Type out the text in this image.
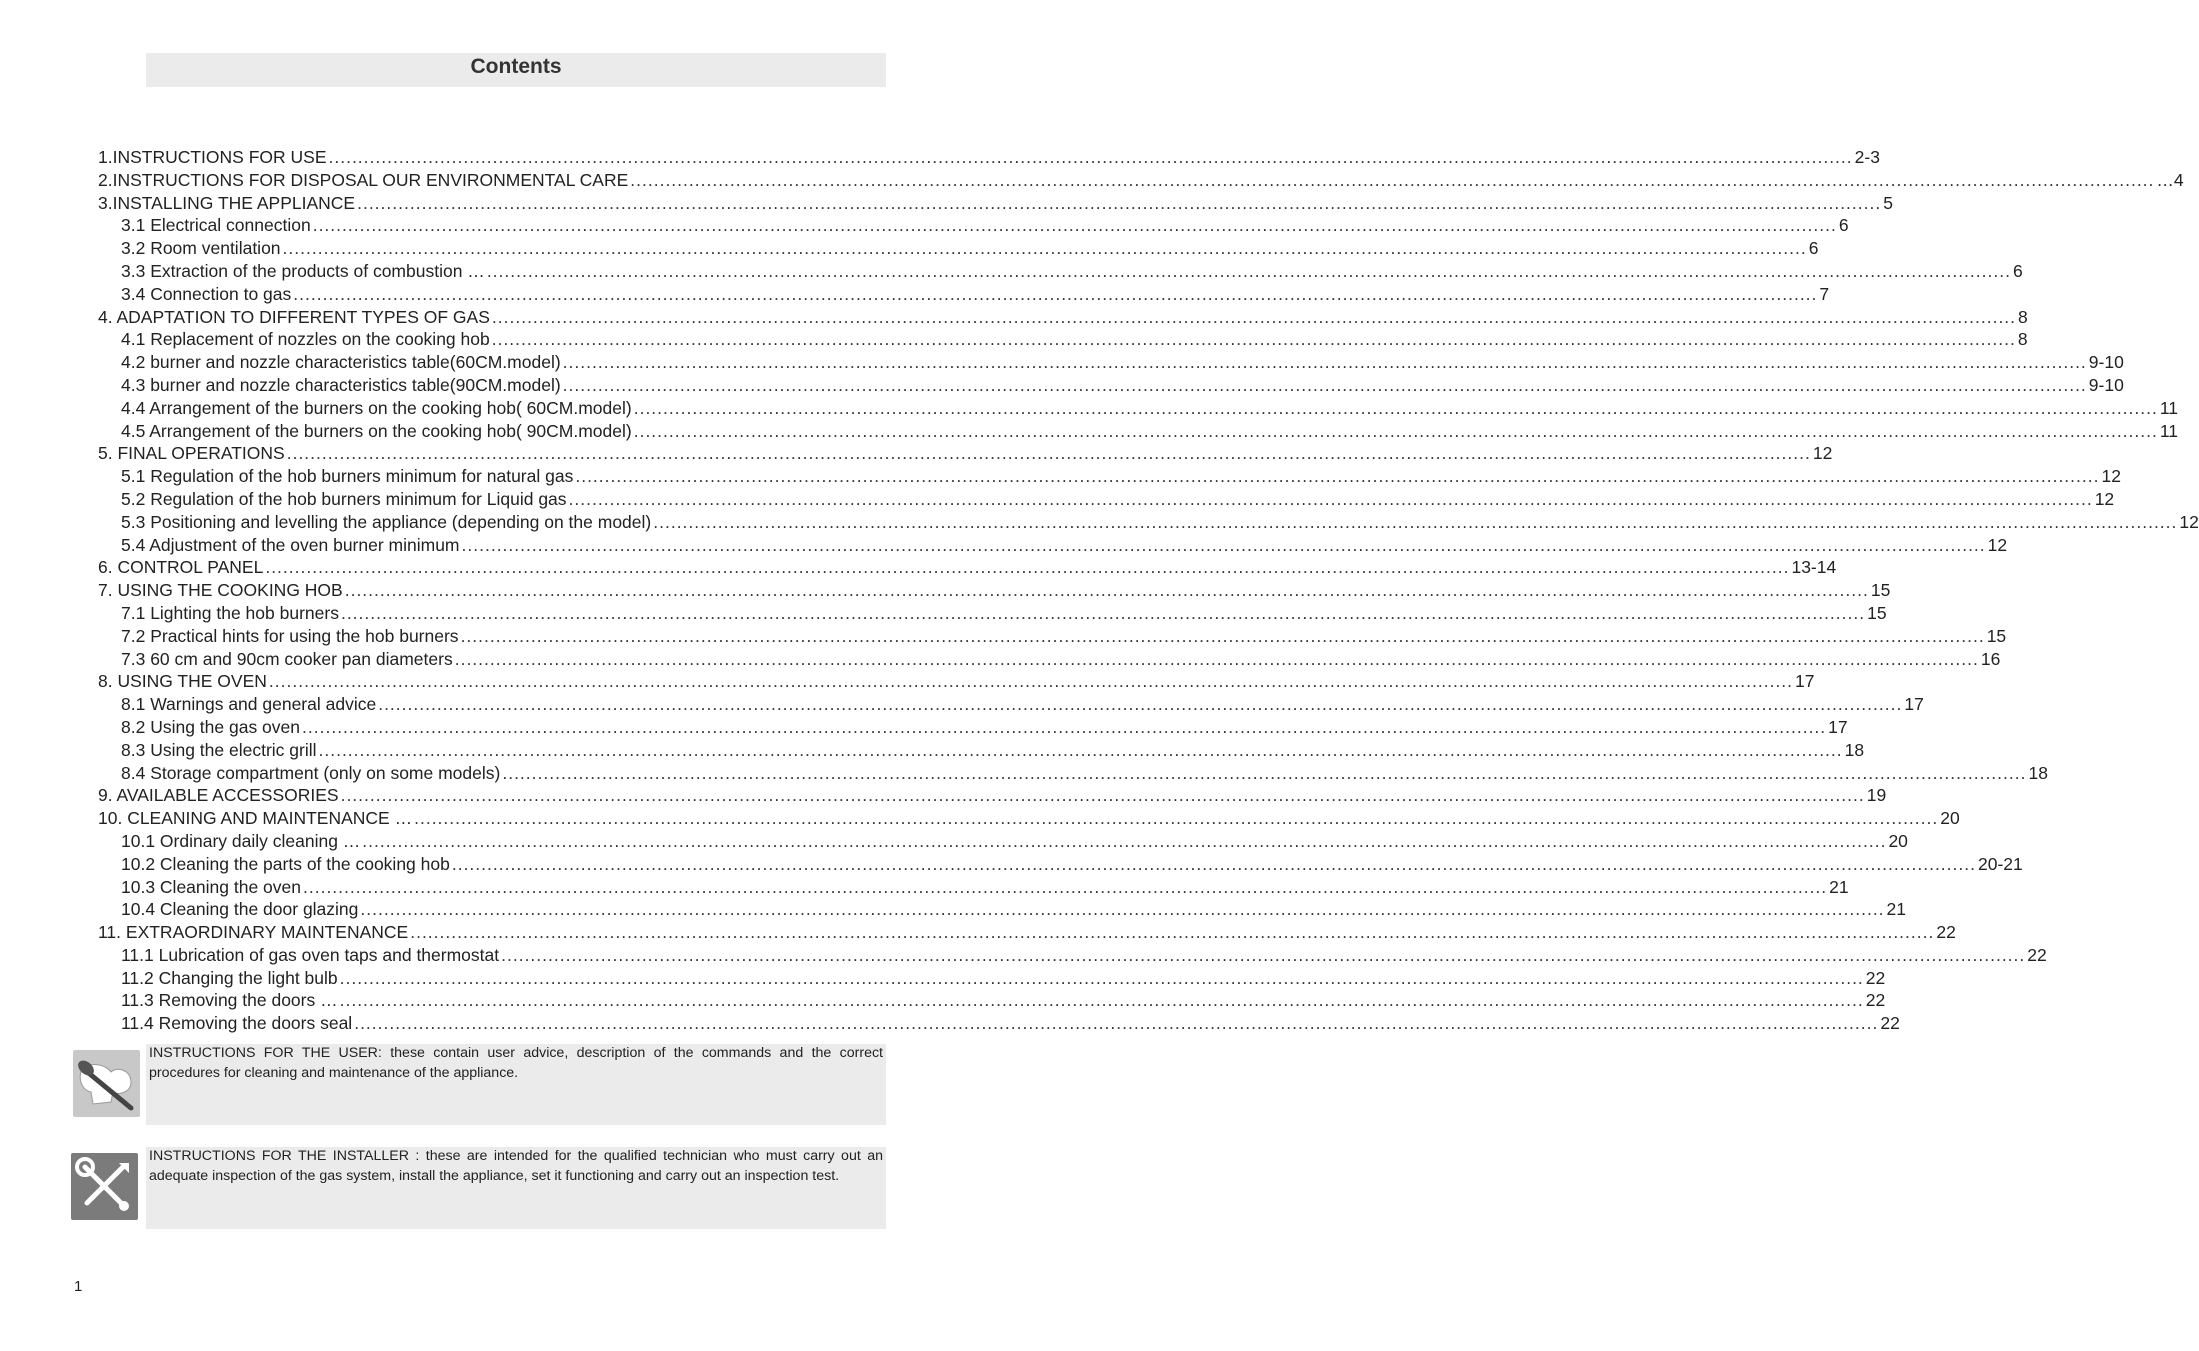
Contents
1.INSTRUCTIONS FOR USE .................................................................................................................................................................................................................................................................... 2-3
2.INSTRUCTIONS FOR DISPOSAL OUR ENVIRONMENTAL CARE .................................................................................................................................................................................................................................................................... …4
3.INSTALLING THE APPLIANCE .................................................................................................................................................................................................................................................................... 5
3.1 Electrical connection .................................................................................................................................................................................................................................................................... 6
3.2 Room ventilation .................................................................................................................................................................................................................................................................... 6
3.3 Extraction of the products of combustion … .................................................................................................................................................................................................................................................................... 6
3.4 Connection to gas .................................................................................................................................................................................................................................................................... 7
4. ADAPTATION TO DIFFERENT TYPES OF GAS .................................................................................................................................................................................................................................................................... 8
4.1 Replacement of nozzles on the cooking hob .................................................................................................................................................................................................................................................................... 8
4.2 burner and nozzle characteristics table(60CM.model) .................................................................................................................................................................................................................................................................... 9-10
4.3 burner and nozzle characteristics table(90CM.model) .................................................................................................................................................................................................................................................................... 9-10
4.4 Arrangement of the burners on the cooking hob( 60CM.model) .................................................................................................................................................................................................................................................................... 11
4.5 Arrangement of the burners on the cooking hob( 90CM.model) .................................................................................................................................................................................................................................................................... 11
5. FINAL OPERATIONS .................................................................................................................................................................................................................................................................... 12
5.1 Regulation of the hob burners minimum for natural gas .................................................................................................................................................................................................................................................................... 12
5.2 Regulation of the hob burners minimum for Liquid gas .................................................................................................................................................................................................................................................................... 12
5.3 Positioning and levelling the appliance (depending on the model) .................................................................................................................................................................................................................................................................... 12
5.4 Adjustment of the oven burner minimum .................................................................................................................................................................................................................................................................... 12
6. CONTROL PANEL .................................................................................................................................................................................................................................................................... 13-14
7. USING THE COOKING HOB .................................................................................................................................................................................................................................................................... 15
7.1 Lighting the hob burners .................................................................................................................................................................................................................................................................... 15
7.2 Practical hints for using the hob burners .................................................................................................................................................................................................................................................................... 15
7.3 60 cm and 90cm cooker pan diameters .................................................................................................................................................................................................................................................................... 16
8. USING THE OVEN .................................................................................................................................................................................................................................................................... 17
8.1 Warnings and general advice .................................................................................................................................................................................................................................................................... 17
8.2 Using the gas oven .................................................................................................................................................................................................................................................................... 17
8.3 Using the electric grill .................................................................................................................................................................................................................................................................... 18
8.4 Storage compartment (only on some models) .................................................................................................................................................................................................................................................................... 18
9. AVAILABLE ACCESSORIES .................................................................................................................................................................................................................................................................... 19
10. CLEANING AND MAINTENANCE … .................................................................................................................................................................................................................................................................... 20
10.1 Ordinary daily cleaning … .................................................................................................................................................................................................................................................................... 20
10.2 Cleaning the parts of the cooking hob .................................................................................................................................................................................................................................................................... 20-21
10.3 Cleaning the oven .................................................................................................................................................................................................................................................................... 21
10.4 Cleaning the door glazing .................................................................................................................................................................................................................................................................... 21
11. EXTRAORDINARY MAINTENANCE .................................................................................................................................................................................................................................................................... 22
11.1 Lubrication of gas oven taps and thermostat .................................................................................................................................................................................................................................................................... 22
11.2 Changing the light bulb .................................................................................................................................................................................................................................................................... 22
11.3 Removing the doors … .................................................................................................................................................................................................................................................................... 22
11.4 Removing the doors seal .................................................................................................................................................................................................................................................................... 22

INSTRUCTIONS FOR THE USER: these contain user advice, description of the commands and the correct procedures for cleaning and maintenance of the appliance.

INSTRUCTIONS FOR THE INSTALLER : these are intended for the qualified technician who must carry out an adequate inspection of the gas system, install the appliance, set it functioning and carry out an inspection test.

1
